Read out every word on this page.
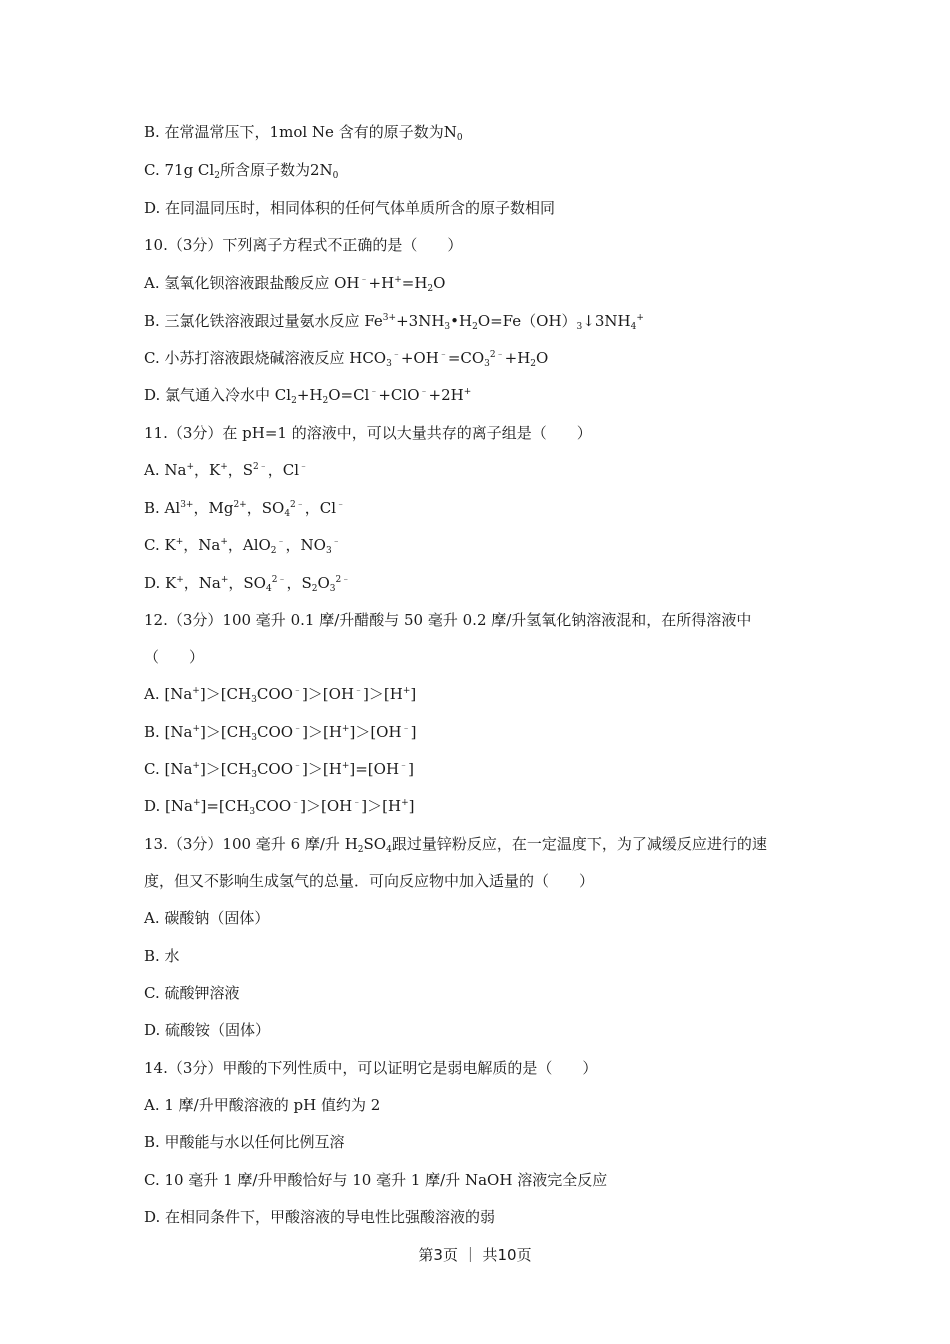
B. 在常温常压下，1mol Ne 含有的原子数为$N_0$
C. 71g $Cl_2$所含原子数为$2N_0$
D. 在同温同压时，相同体积的任何气体单质所含的原子数相同
10.（3分）下列离子方程式不正确的是（　　）
A. 氢氧化钡溶液跟盐酸反应 $OH^﹣+H^+=H_2O$
B. 三氯化铁溶液跟过量氨水反应 $Fe^{3+}+3NH_3•H_2O=Fe(OH)_3↓3NH_4^+$
C. 小苏打溶液跟烧碱溶液反应 $HCO_3^﹣+OH^﹣=CO_3^{2﹣}+H_2O$
D. 氯气通入冷水中 $Cl_2+H_2O=Cl^﹣+ClO^﹣+2H^+$
11.（3分）在 pH=1 的溶液中，可以大量共存的离子组是（　　）
A. Na+，K+，$S^{2﹣}$，Cl﹣
B. $Al^{3+}$，$Mg^{2+}$，$SO_4^{2﹣}$，Cl﹣
C. K+，Na+，AlO$_2$﹣，$NO_3^﹣$
D. K+，Na+，$SO_4^{2﹣}$，$S_2O_3^{2﹣}$
12.（3分）100 毫升 0.1 摩/升醋酸与 50 毫升 0.2 摩/升氢氧化钠溶液混和，在所得溶液中
（　　）
A. $[Na^+]>[CH_3COO^﹣]>[OH^﹣]>[H^+]$
B. $[Na^+]>[CH_3COO^﹣]>[H^+]>[OH^﹣]$
C. $[Na^+]>[CH_3COO^﹣]>[H^+]=[OH^﹣]$
D. $[Na^+]=[CH_3COO^﹣]>[OH^﹣]>[H^+]$
13.（3分）100 毫升 6 摩/升 $H_2SO_4$跟过量锌粉反应，在一定温度下，为了减缓反应进行的速
度，但又不影响生成氢气的总量．可向反应物中加入适量的（　　）
A. 碳酸钠（固体）
B. 水
C. 硫酸钾溶液
D. 硫酸铵（固体）
14.（3分）甲酸的下列性质中，可以证明它是弱电解质的是（　　）
A. 1 摩/升甲酸溶液的 pH 值约为 2
B. 甲酸能与水以任何比例互溶
C. 10 毫升 1 摩/升甲酸恰好与 10 毫升 1 摩/升 NaOH 溶液完全反应
D. 在相同条件下，甲酸溶液的导电性比强酸溶液的弱
第3页 ｜ 共10页
